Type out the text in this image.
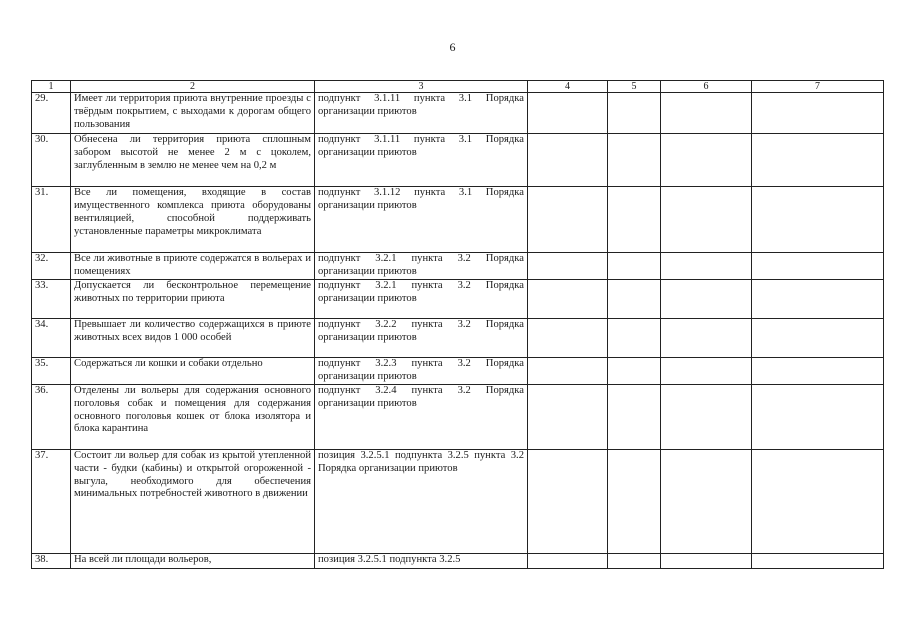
6
1	2	3	4	5	6	7
29.	Имеет ли территория приюта внутренние проезды с твёрдым покрытием, с выходами к дорогам общего пользования	подпункт 3.1.11 пункта 3.1 Порядка организации приютов				
30.	Обнесена ли территория приюта сплошным забором высотой не менее 2 м с цоколем, заглубленным в землю не менее чем на 0,2 м	подпункт 3.1.11 пункта 3.1 Порядка организации приютов				
31.	Все ли помещения, входящие в состав имущественного комплекса приюта оборудованы вентиляцией, способной поддерживать установленные параметры микроклимата	подпункт 3.1.12 пункта 3.1 Порядка организации приютов				
32.	Все ли животные в приюте содержатся в вольерах и помещениях	подпункт 3.2.1 пункта 3.2 Порядка организации приютов				
33.	Допускается ли бесконтрольное перемещение животных по территории приюта	подпункт 3.2.1 пункта 3.2 Порядка организации приютов				
34.	Превышает ли количество содержащихся в приюте животных всех видов 1 000 особей	подпункт 3.2.2 пункта 3.2 Порядка организации приютов				
35.	Содержаться ли кошки и собаки отдельно	подпункт 3.2.3 пункта 3.2 Порядка организации приютов				
36.	Отделены ли вольеры для содержания основного поголовья собак и помещения для содержания основного поголовья кошек от блока изолятора и блока карантина	подпункт 3.2.4 пункта 3.2 Порядка организации приютов				
37.	Состоит ли вольер для собак из крытой утепленной части - будки (кабины) и открытой огороженной - выгула, необходимого для обеспечения минимальных потребностей животного в движении	позиция 3.2.5.1 подпункта 3.2.5 пункта 3.2 Порядка организации приютов				
38.	На всей ли площади вольеров,	позиция 3.2.5.1 подпункта 3.2.5				
